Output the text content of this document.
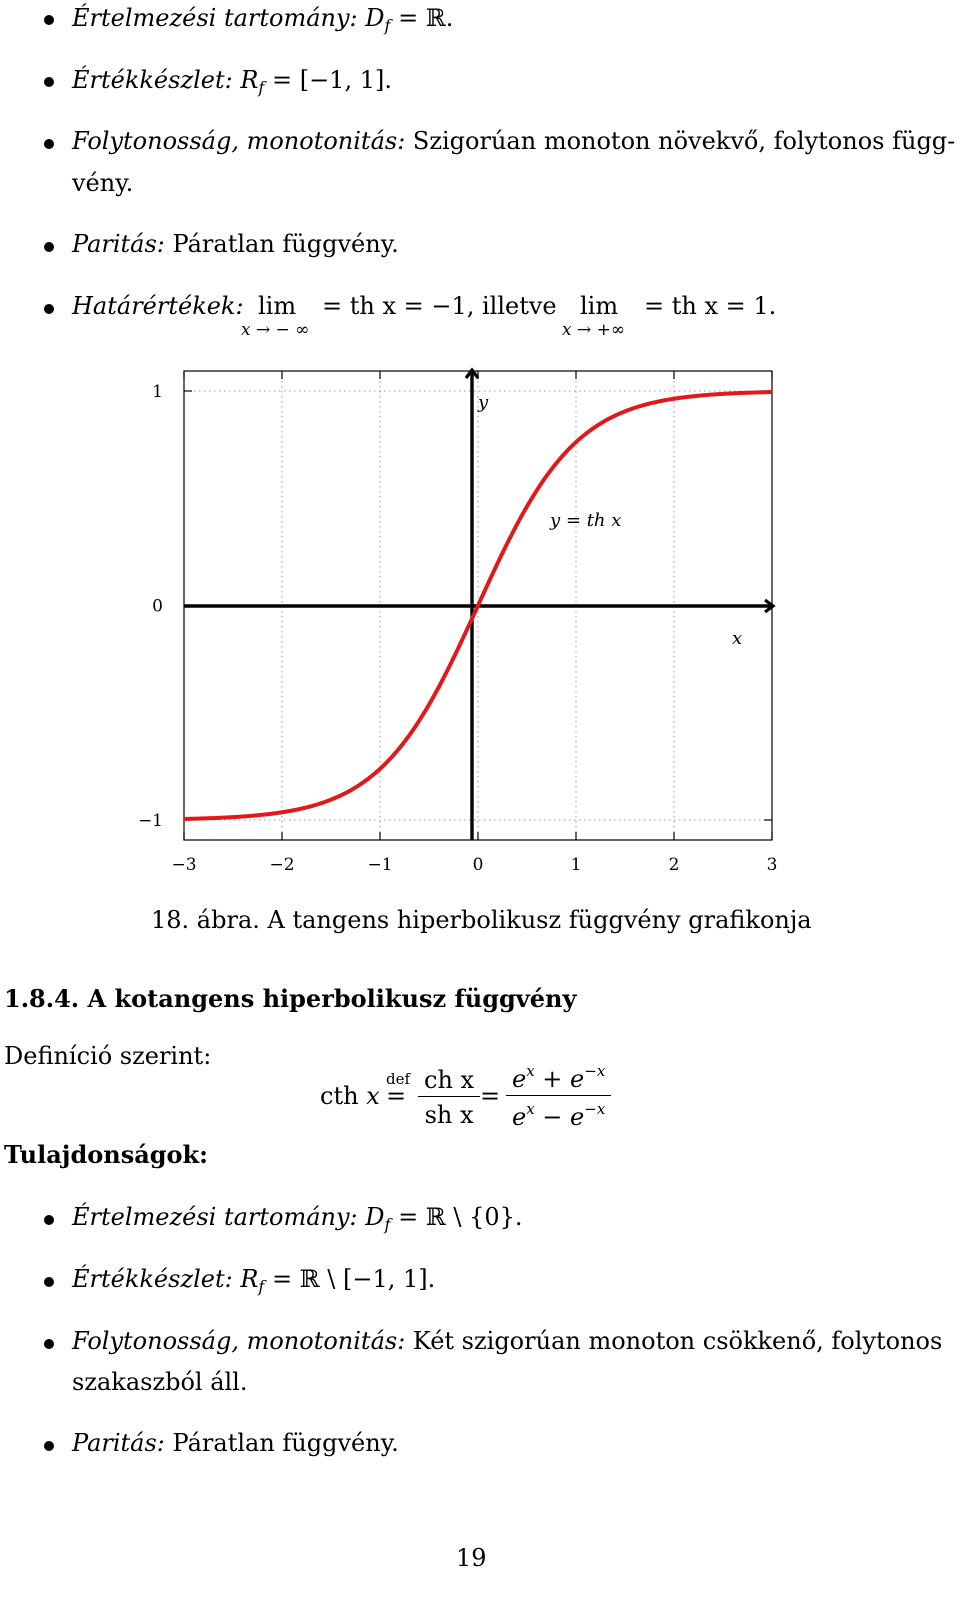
Értelmezési tartomány: $D_f$ = ℝ.
Értékkészlet: $R_f = [-1$, 1].
Folytonosság, monotonitás: Szigorúan monoton növekvő, folytonos függ-
vény.
Paritás: Páratlan függvény.
Határértékek: lim
x → − ∞
= th x = −1, illetve lim
x → +∞
= th x = 1.
y
x
y = th x
1
0
−1
−3	−2	−1	0	1	2	3
18. ábra. A tangens hiperbolikusz függvény grafikonja
1.8.4. A kotangens hiperbolikusz függvény
Definíció szerint:
cth x =
def $\frac{\text{ch x}}{\text{sh x}} = \frac{e^x + e^{-x}}{e^x - e^{-x}}$
Tulajdonságok:
Értelmezési tartomány: $D_f$ = ℝ \ {0}.
Értékkészlet: $R_f$ = ℝ \ [−1, 1].
Folytonosság, monotonitás: Két szigorúan monoton csökkenő, folytonos
szakaszból áll.
Paritás: Páratlan függvény.
19
